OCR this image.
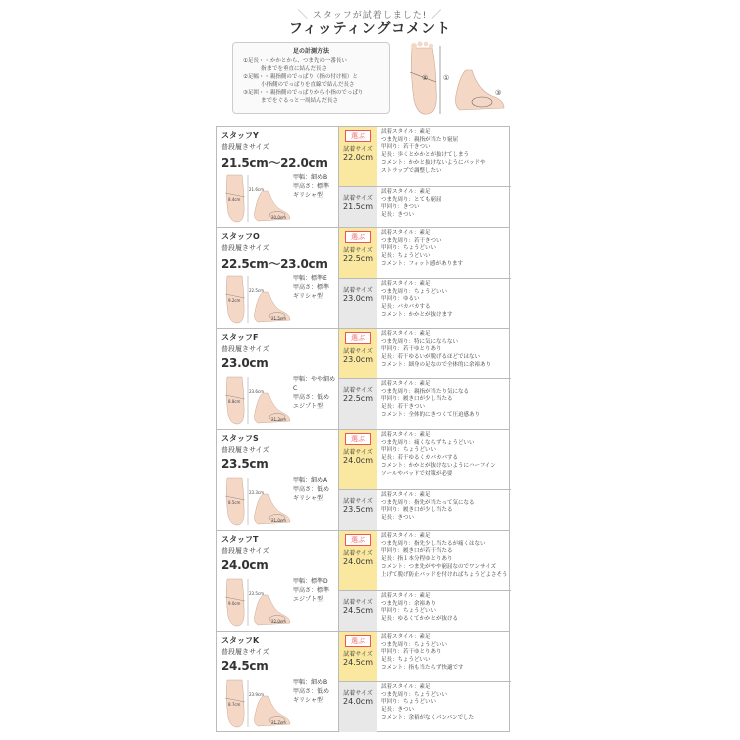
＼ スタッフが試着しました! ／
フィッティングコメント
足の計測方法
①足長・・かかとから、つま先の一番長い
指までを垂直に結んだ長さ
②足幅・・親指側のでっぱり（指の付け根）と
小指側のでっぱりを直線で結んだ長さ
③足囲・・親指側のでっぱりから小指のでっぱり
までをぐるっと一周結んだ長さ
② ①
③
スタッフY
普段履きサイズ
21.5cm〜22.0cm
8.4cm
21.6cm
20.0cm
甲幅：細めB
甲高さ：標準
ギリシャ型
選ぶ
試着サイズ
22.0cm
試着スタイル：素足
つま先周り：親指が当たり窮屈
甲回り：若干きつい
足長：歩くとかかとが抜けてしまう
コメント：かかと抜けないようにパッドや
ストラップで調整したい
試着サイズ
21.5cm
試着スタイル：素足
つま先周り：とても窮屈
甲回り：きつい
足長：きつい
スタッフO
普段履きサイズ
22.5cm〜23.0cm
9.2cm
22.5cm
21.5cm
甲幅：標準E
甲高さ：標準
ギリシャ型
選ぶ
試着サイズ
22.5cm
試着スタイル：素足
つま先周り：若干きつい
甲回り：ちょうどいい
足長：ちょうどいい
コメント：フィット感があります
試着サイズ
23.0cm
試着スタイル：素足
つま先周り：ちょうどいい
甲回り：ゆるい
足長：パカパカする
コメント：かかとが抜けます
スタッフF
普段履きサイズ
23.0cm
8.8cm
23.6cm
21.3cm
甲幅：やや細めC
甲高さ：低め
エジプト型
選ぶ
試着サイズ
23.0cm
試着スタイル：素足
つま先周り：特に気にならない
甲回り：若干ゆとりあり
足長：若干ゆるいが脱げるほどではない
コメント：細身の足なので全体的に余裕あり
試着サイズ
22.5cm
試着スタイル：素足
つま先周り：親指が当たり気になる
甲回り：履き口が少し当たる
足長：若干きつい
コメント：全体的にきつくて圧迫感あり
スタッフS
普段履きサイズ
23.5cm
8.5cm
23.3cm
21.0cm
甲幅：細めA
甲高さ：低め
ギリシャ型
選ぶ
試着サイズ
24.0cm
試着スタイル：素足
つま先周り：痛くならずちょうどいい
甲回り：ちょうどいい
足長：若干ゆるくカパカパする
コメント：かかとが抜けないようにハーフイン
ソールやパッドで対策が必要
試着サイズ
23.5cm
試着スタイル：素足
つま先周り：指先が当たって気になる
甲回り：履き口が少し当たる
足長：きつい
スタッフT
普段履きサイズ
24.0cm
9.0cm
23.5cm
22.0cm
甲幅：標準D
甲高さ：標準
エジプト型
選ぶ
試着サイズ
24.0cm
試着スタイル：素足
つま先周り：指先少し当たるが痛くはない
甲回り：履き口が若干当たる
足長：指１本分程ゆとりあり
コメント：つま先がやや窮屈なのでワンサイズ
上げて脱げ防止パッドを付ければちょうどよさそう
試着サイズ
24.5cm
試着スタイル：素足
つま先周り：余裕あり
甲回り：ちょうどいい
足長：ゆるくてかかとが抜ける
スタッフK
普段履きサイズ
24.5cm
8.7cm
23.9cm
21.7cm
甲幅：細めB
甲高さ：低め
ギリシャ型
選ぶ
試着サイズ
24.5cm
試着スタイル：素足
つま先周り：ちょうどいい
甲回り：若干ゆとりあり
足長：ちょうどいい
コメント：指も当たらず快適です
試着サイズ
24.0cm
試着スタイル：素足
つま先周り：ちょうどいい
甲回り：ちょうどいい
足長：きつい
コメント：余裕がなくパンパンでした
